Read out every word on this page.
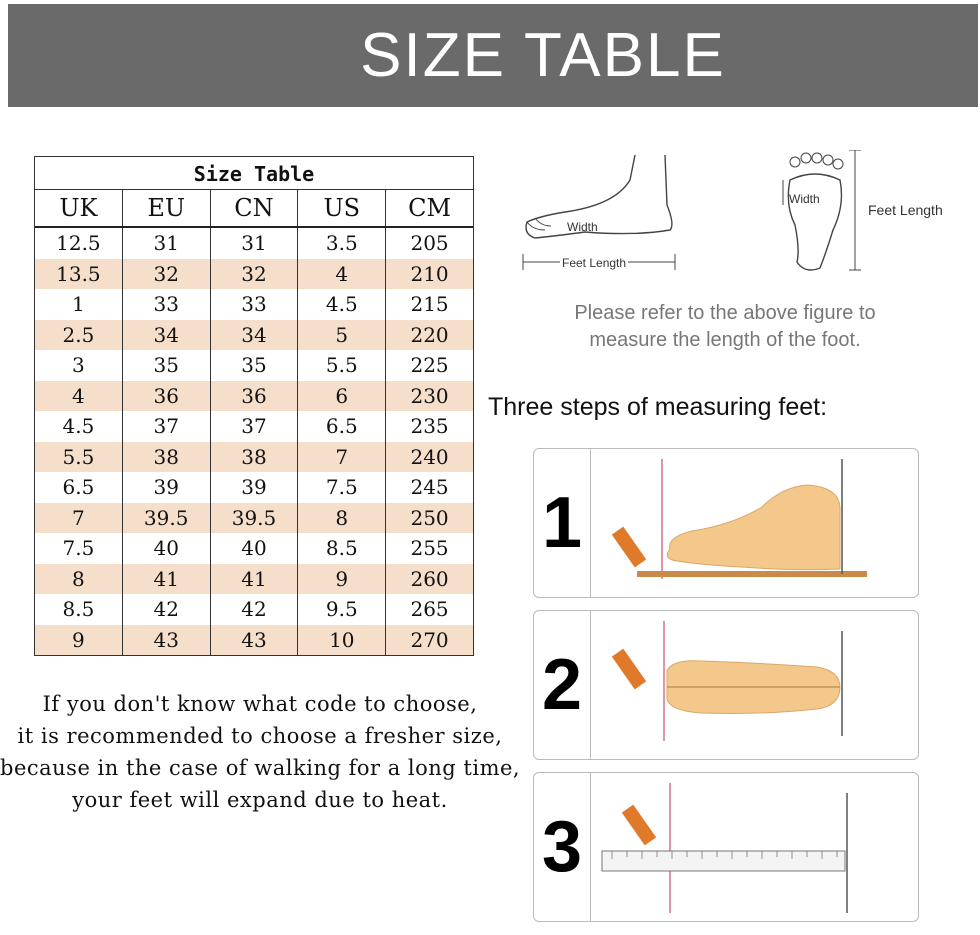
SIZE TABLE
Size Table
UK	EU	CN	US	CM
12.5	31	31	3.5	205
13.5	32	32	4	210
1	33	33	4.5	215
2.5	34	34	5	220
3	35	35	5.5	225
4	36	36	6	230
4.5	37	37	6.5	235
5.5	38	38	7	240
6.5	39	39	7.5	245
7	39.5	39.5	8	250
7.5	40	40	8.5	255
8	41	41	9	260
8.5	42	42	9.5	265
9	43	43	10	270
If you don't know what code to choose,
it is recommended to choose a fresher size,
because in the case of walking for a long time,
your feet will expand due to heat.
Width
Feet Length
Width
Feet Length
Please refer to the above figure to
measure the length of the foot.
Three steps of measuring feet:
1
2
3
